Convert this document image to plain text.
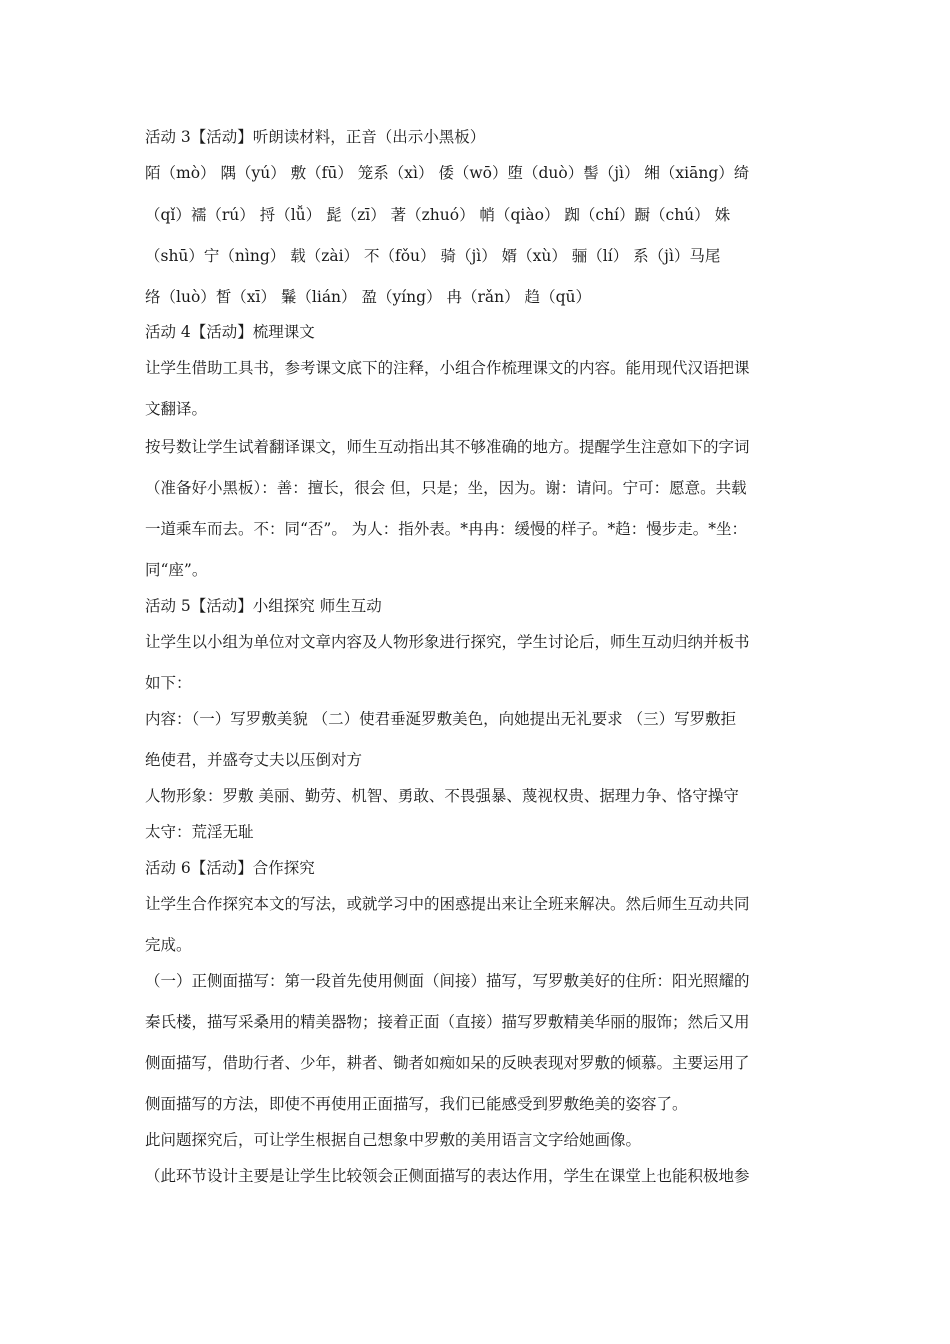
活动 3【活动】听朗读材料，正音（出示小黑板）
陌（mò） 隅（yú） 敷（fū） 笼系（xì） 倭（wō）堕（duò）髻（jì） 缃（xiāng）绮
（qǐ）襦（rú） 捋（lǚ） 髭（zī） 著（zhuó） 帩（qiào） 踟（chí）蹰（chú） 姝
（shū）宁（nìng） 载（zài） 不（fǒu） 骑（jì） 婿（xù） 骊（lí） 系（jì）马尾
络（luò）皙（xī） 鬑（lián） 盈（yíng） 冉（rǎn） 趋（qū）
活动 4【活动】梳理课文
让学生借助工具书，参考课文底下的注释，小组合作梳理课文的内容。能用现代汉语把课
文翻译。
按号数让学生试着翻译课文，师生互动指出其不够准确的地方。提醒学生注意如下的字词
（准备好小黑板）：善：擅长，很会 但，只是；坐，因为。谢：请问。宁可：愿意。共载
一道乘车而去。不：同“否”。 为人：指外表。*冉冉：缓慢的样子。*趋：慢步走。*坐：
同“座”。
活动 5【活动】小组探究 师生互动
让学生以小组为单位对文章内容及人物形象进行探究，学生讨论后，师生互动归纳并板书
如下：
内容：（一）写罗敷美貌 （二）使君垂涎罗敷美色，向她提出无礼要求 （三）写罗敷拒
绝使君，并盛夸丈夫以压倒对方
人物形象：罗敷 美丽、勤劳、机智、勇敢、不畏强暴、蔑视权贵、据理力争、恪守操守
太守：荒淫无耻
活动 6【活动】合作探究
让学生合作探究本文的写法，或就学习中的困惑提出来让全班来解决。然后师生互动共同
完成。
（一）正侧面描写：第一段首先使用侧面（间接）描写，写罗敷美好的住所：阳光照耀的
秦氏楼，描写采桑用的精美器物；接着正面（直接）描写罗敷精美华丽的服饰；然后又用
侧面描写，借助行者、少年，耕者、锄者如痴如呆的反映表现对罗敷的倾慕。主要运用了
侧面描写的方法，即使不再使用正面描写，我们已能感受到罗敷绝美的姿容了。
此问题探究后，可让学生根据自己想象中罗敷的美用语言文字给她画像。
（此环节设计主要是让学生比较领会正侧面描写的表达作用，学生在课堂上也能积极地参
